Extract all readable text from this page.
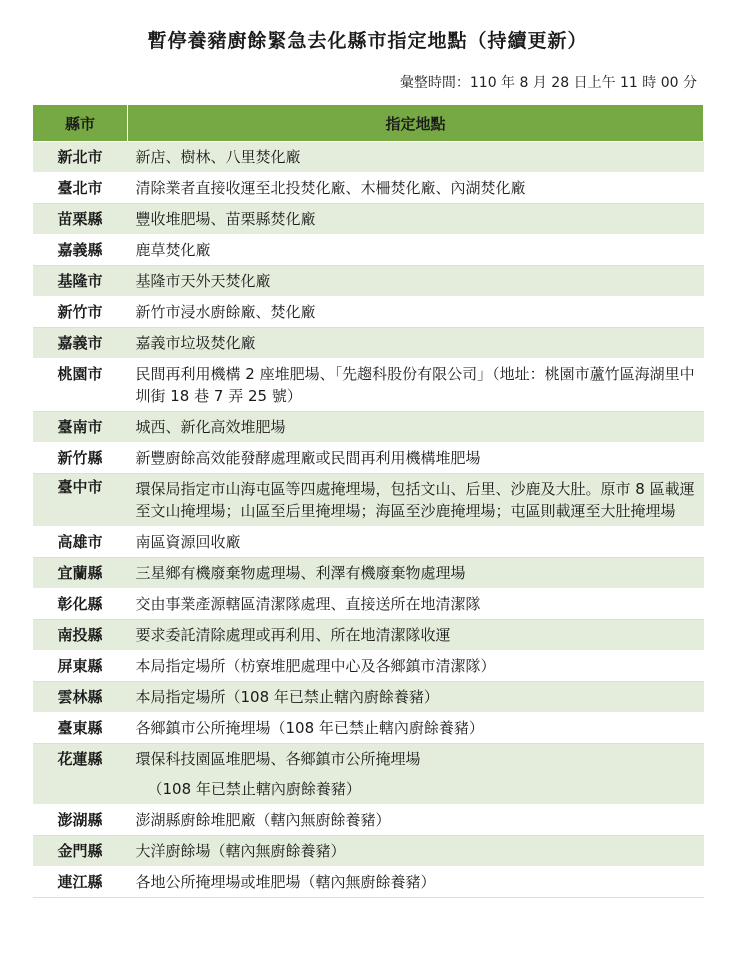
暫停養豬廚餘緊急去化縣市指定地點（持續更新）
彙整時間：110 年 8 月 28 日上午 11 時 00 分
縣市	指定地點
新北市	新店、樹林、八里焚化廠
臺北市	清除業者直接收運至北投焚化廠、木柵焚化廠、內湖焚化廠
苗栗縣	豐收堆肥場、苗栗縣焚化廠
嘉義縣	鹿草焚化廠
基隆市	基隆市天外天焚化廠
新竹市	新竹市浸水廚餘廠、焚化廠
嘉義市	嘉義市垃圾焚化廠
桃園市	民間再利用機構 2 座堆肥場、「先趨科股份有限公司」（地址：桃園市蘆竹區海湖里中圳街 18 巷 7 弄 25 號）
臺南市	城西、新化高效堆肥場
新竹縣	新豐廚餘高效能發酵處理廠或民間再利用機構堆肥場
臺中市	環保局指定市山海屯區等四處掩埋場，包括文山、后里、沙鹿及大肚。原市 8 區載運至文山掩埋場；山區至后里掩埋場；海區至沙鹿掩埋場；屯區則載運至大肚掩埋場
高雄市	南區資源回收廠
宜蘭縣	三星鄉有機廢棄物處理場、利澤有機廢棄物處理場
彰化縣	交由事業產源轄區清潔隊處理、直接送所在地清潔隊
南投縣	要求委託清除處理或再利用、所在地清潔隊收運
屏東縣	本局指定場所（枋寮堆肥處理中心及各鄉鎮市清潔隊）
雲林縣	本局指定場所（108 年已禁止轄內廚餘養豬）
臺東縣	各鄉鎮市公所掩埋場（108 年已禁止轄內廚餘養豬）
花蓮縣	環保科技園區堆肥場、各鄉鎮市公所掩埋場
（108 年已禁止轄內廚餘養豬）

澎湖縣	澎湖縣廚餘堆肥廠（轄內無廚餘養豬）
金門縣	大洋廚餘場（轄內無廚餘養豬）
連江縣	各地公所掩埋場或堆肥場（轄內無廚餘養豬）
